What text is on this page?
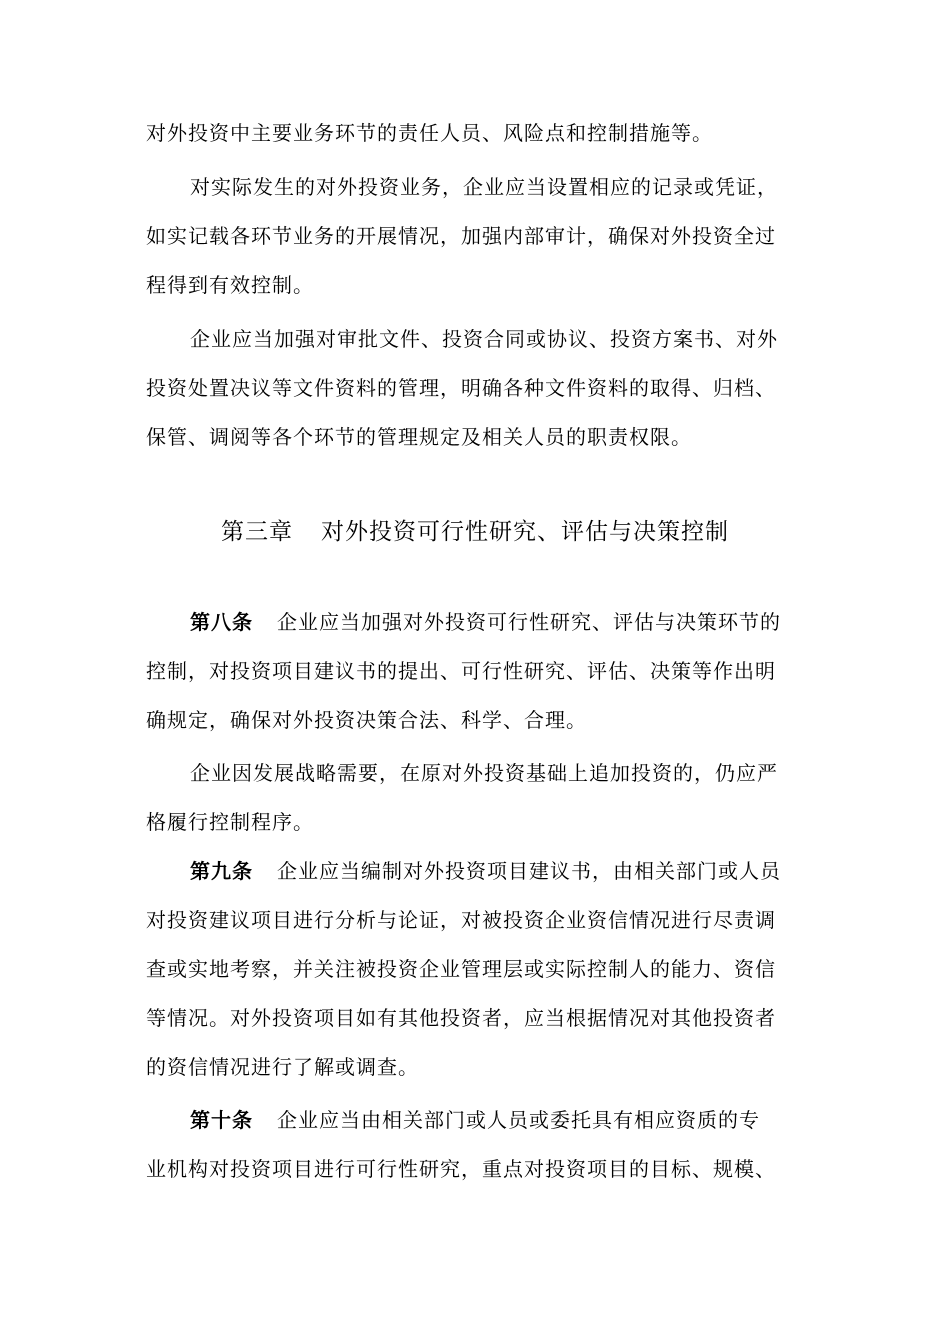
对外投资中主要业务环节的责任人员、风险点和控制措施等。
对实际发生的对外投资业务，企业应当设置相应的记录或凭证，
如实记载各环节业务的开展情况，加强内部审计，确保对外投资全过
程得到有效控制。
企业应当加强对审批文件、投资合同或协议、投资方案书、对外
投资处置决议等文件资料的管理，明确各种文件资料的取得、归档、
保管、调阅等各个环节的管理规定及相关人员的职责权限。
第三章 对外投资可行性研究、评估与决策控制
第八条 企业应当加强对外投资可行性研究、评估与决策环节的
控制，对投资项目建议书的提出、可行性研究、评估、决策等作出明
确规定，确保对外投资决策合法、科学、合理。
企业因发展战略需要，在原对外投资基础上追加投资的，仍应严
格履行控制程序。
第九条 企业应当编制对外投资项目建议书，由相关部门或人员
对投资建议项目进行分析与论证，对被投资企业资信情况进行尽责调
查或实地考察，并关注被投资企业管理层或实际控制人的能力、资信
等情况。对外投资项目如有其他投资者，应当根据情况对其他投资者
的资信情况进行了解或调查。
第十条 企业应当由相关部门或人员或委托具有相应资质的专
业机构对投资项目进行可行性研究，重点对投资项目的目标、规模、
